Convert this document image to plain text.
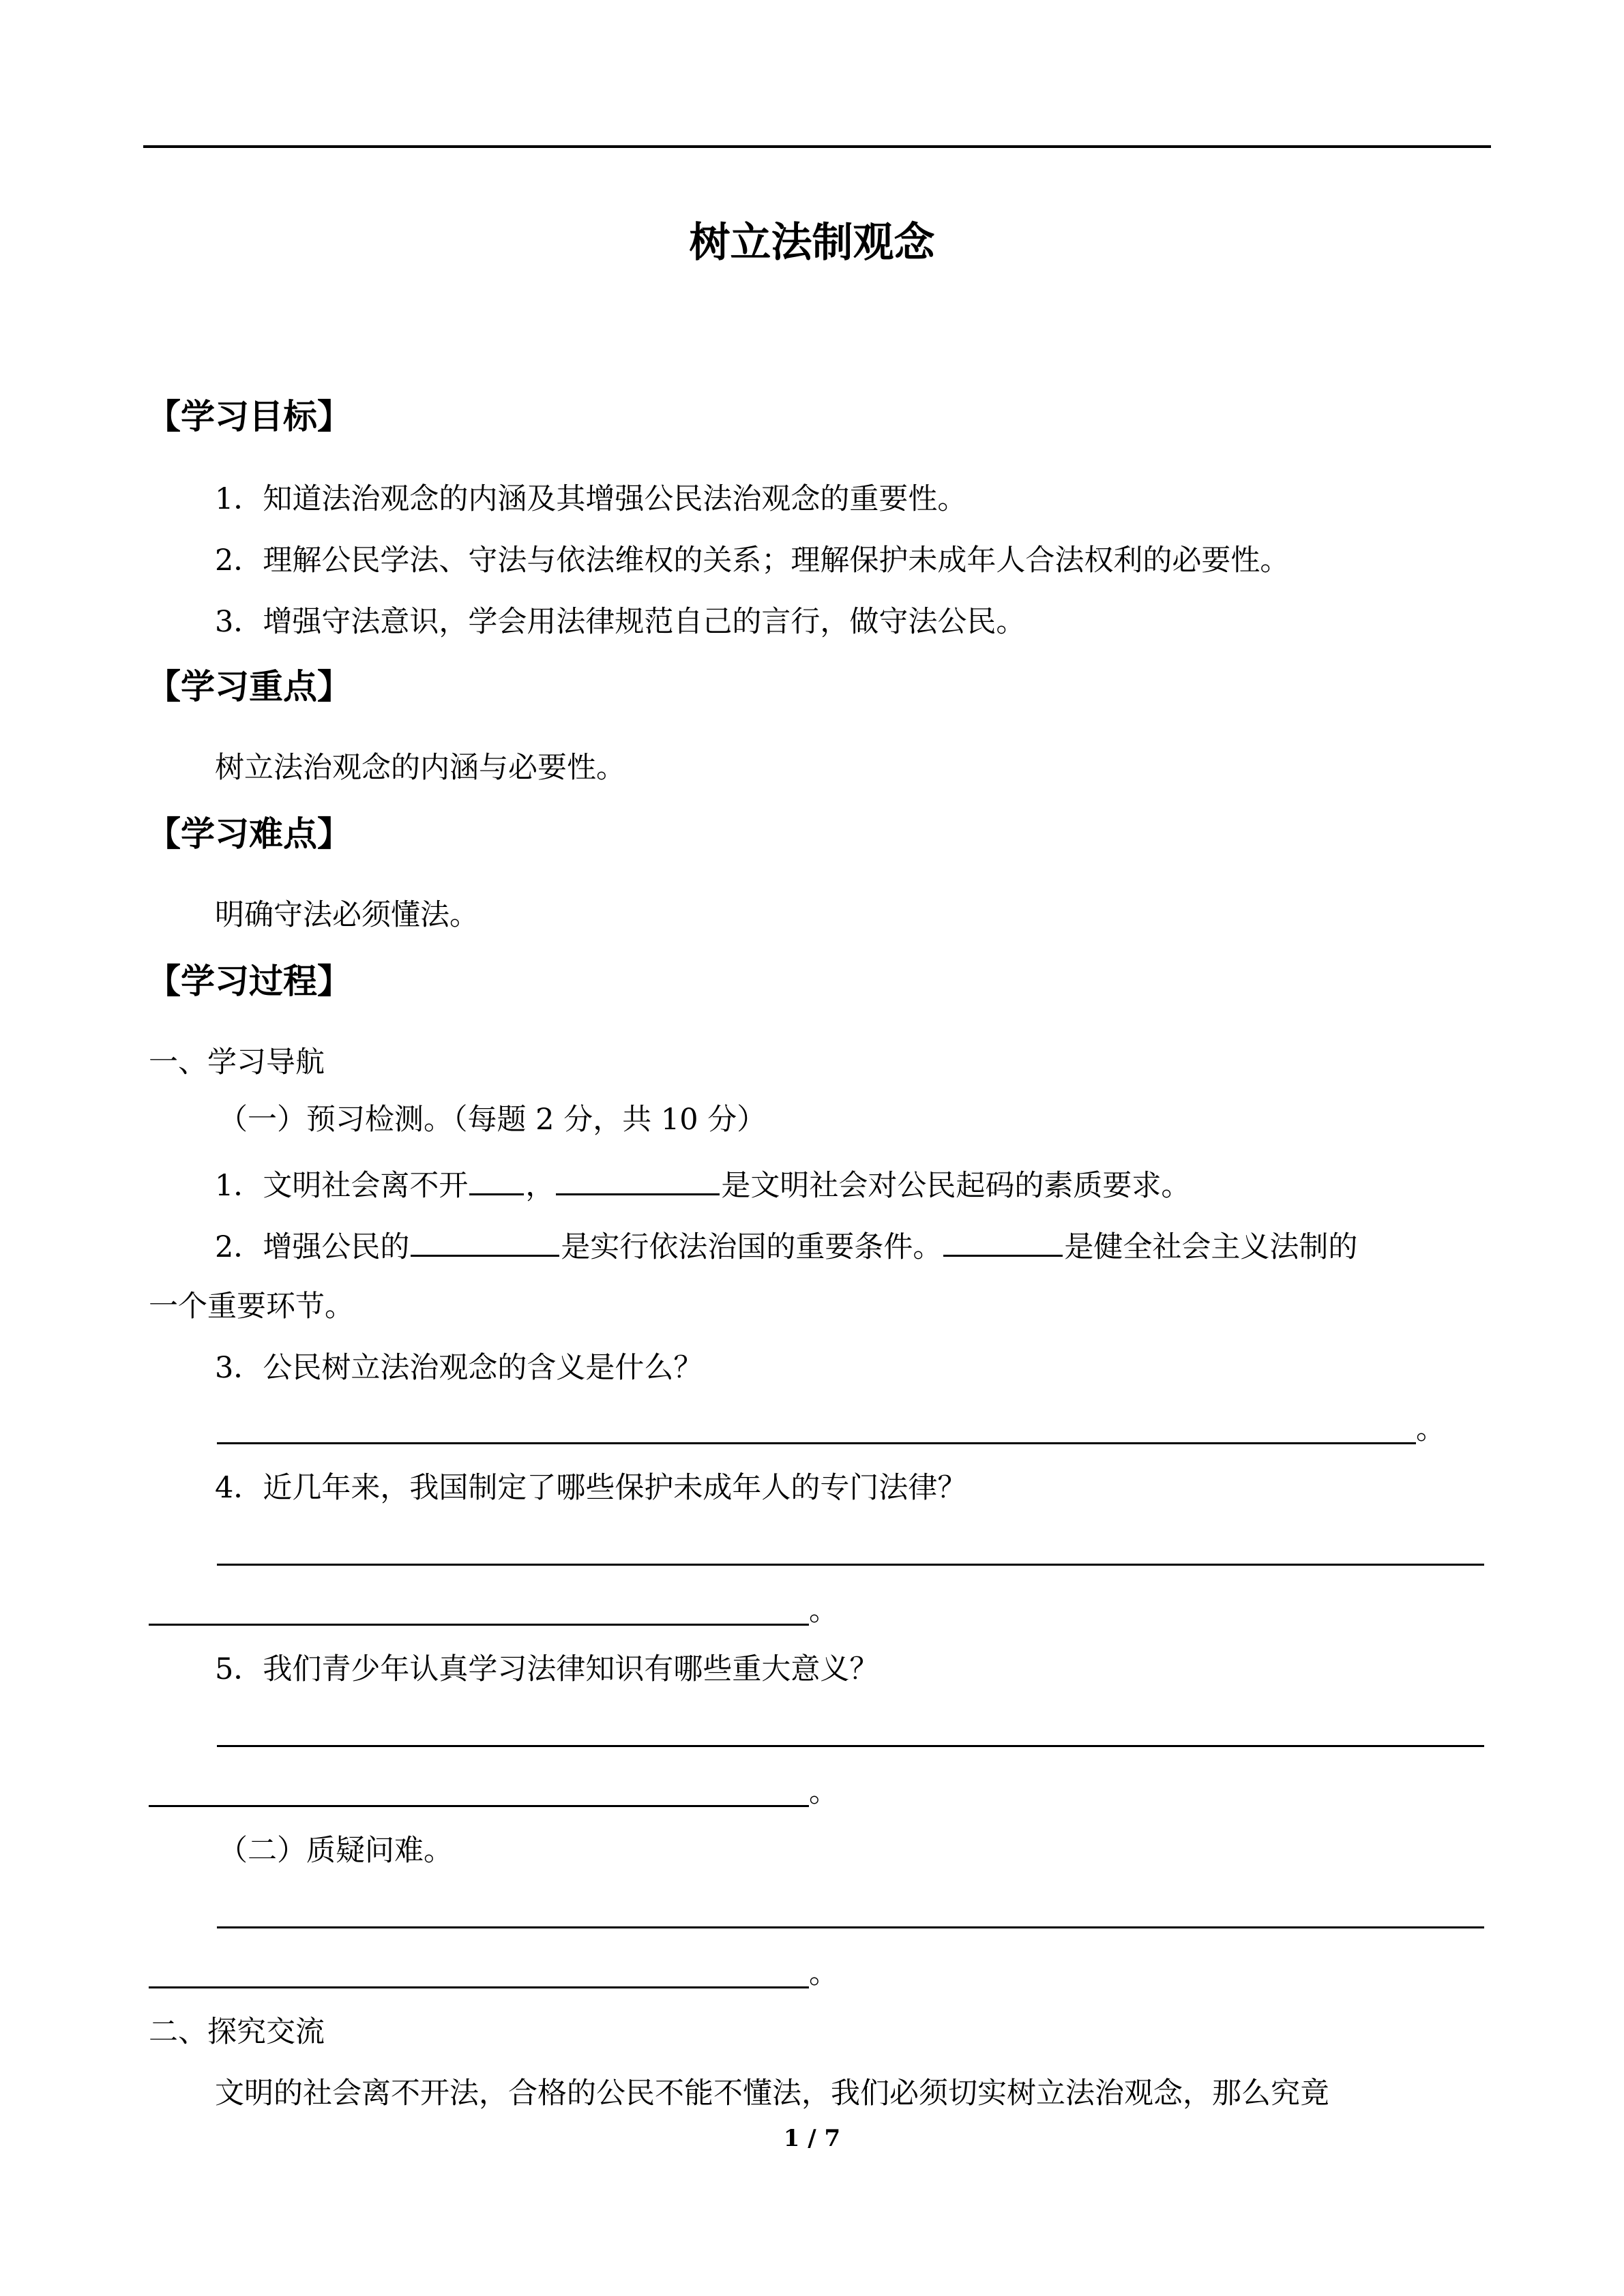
树立法制观念
【学习目标】
1．知道法治观念的内涵及其增强公民法治观念的重要性。
2．理解公民学法、守法与依法维权的关系；理解保护未成年人合法权利的必要性。
3．增强守法意识，学会用法律规范自己的言行，做守法公民。
【学习重点】
树立法治观念的内涵与必要性。
【学习难点】
明确守法必须懂法。
【学习过程】
一、学习导航
（一）预习检测。（每题 2 分，共 10 分）
1．文明社会离不开 ，	是文明社会对公民起码的素质要求。
2．增强公民的	是实行依法治国的重要条件。	是健全社会主义法制的
一个重要环节。
3．公民树立法治观念的含义是什么？
。
4．近几年来，我国制定了哪些保护未成年人的专门法律？
。
5．我们青少年认真学习法律知识有哪些重大意义？
。
（二）质疑问难。
。
二、探究交流
文明的社会离不开法，合格的公民不能不懂法，我们必须切实树立法治观念，那么究竟
1 / 7
